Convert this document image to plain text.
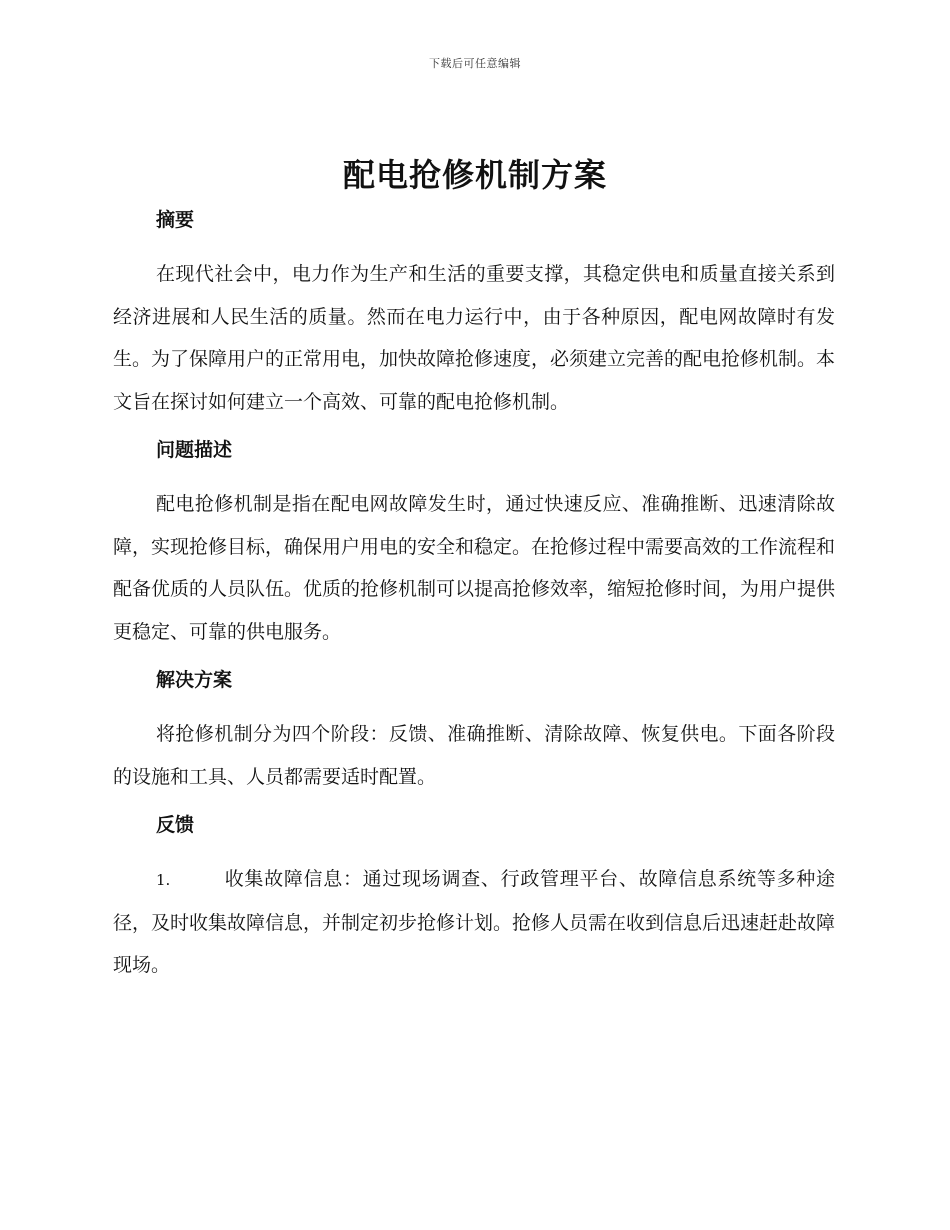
下载后可任意编辑
配电抢修机制方案
摘要

在现代社会中，电力作为生产和生活的重要支撑，其稳定供电和质量直接关系到经济进展和人民生活的质量。然而在电力运行中，由于各种原因，配电网故障时有发生。为了保障用户的正常用电，加快故障抢修速度，必须建立完善的配电抢修机制。本文旨在探讨如何建立一个高效、可靠的配电抢修机制。

问题描述

配电抢修机制是指在配电网故障发生时，通过快速反应、准确推断、迅速清除故障，实现抢修目标，确保用户用电的安全和稳定。在抢修过程中需要高效的工作流程和配备优质的人员队伍。优质的抢修机制可以提高抢修效率，缩短抢修时间，为用户提供更稳定、可靠的供电服务。

解决方案

将抢修机制分为四个阶段：反馈、准确推断、清除故障、恢复供电。下面各阶段的设施和工具、人员都需要适时配置。

反馈

1.	收集故障信息：通过现场调查、行政管理平台、故障信息系统等多种途径，及时收集故障信息，并制定初步抢修计划。抢修人员需在收到信息后迅速赶赴故障现场。
